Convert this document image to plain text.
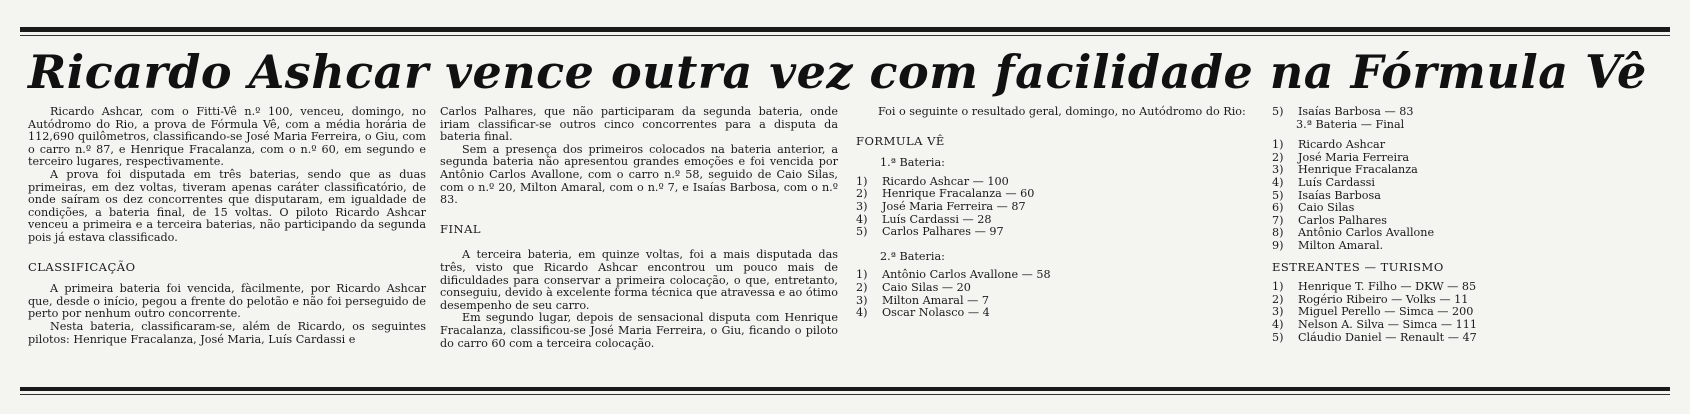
Ricardo Ashcar vence outra vez com facilidade na Fórmula Vê

Ricardo Ashcar, com o Fitti-Vê n.º 100, venceu, domingo, no Autódromo do Rio, a prova de Fórmula Vê, com a média horária de 112,690 quilômetros, classificando-se José Maria Ferreira, o Giu, com o carro n.º 87, e Henrique Fracalanza, com o n.º 60, em segundo e terceiro lugares, respectivamente.

A prova foi disputada em três baterias, sendo que as duas primeiras, em dez voltas, tiveram apenas caráter classificatório, de onde saíram os dez concorrentes que disputaram, em igualdade de condições, a bateria final, de 15 voltas. O piloto Ricardo Ashcar venceu a primeira e a terceira baterias, não participando da segunda pois já estava classificado.

CLASSIFICAÇÃO

A primeira bateria foi vencida, fàcilmente, por Ricardo Ashcar que, desde o início, pegou a frente do pelotão e não foi perseguido de perto por nenhum outro concorrente.

Nesta bateria, classificaram-se, além de Ricardo, os seguintes pilotos: Henrique Fracalanza, José Maria, Luís Cardassi e

Carlos Palhares, que não participaram da segunda bateria, onde iriam classificar-se outros cinco concorrentes para a disputa da bateria final.

Sem a presença dos primeiros colocados na bateria anterior, a segunda bateria não apresentou grandes emoções e foi vencida por Antônio Carlos Avallone, com o carro n.º 58, seguido de Caio Silas, com o n.º 20, Milton Amaral, com o n.º 7, e Isaías Barbosa, com o n.º 83.

FINAL

A terceira bateria, em quinze voltas, foi a mais disputada das três, visto que Ricardo Ashcar encontrou um pouco mais de dificuldades para conservar a primeira colocação, o que, entretanto, conseguiu, devido à excelente forma técnica que atravessa e ao ótimo desempenho de seu carro.

Em segundo lugar, depois de sensacional disputa com Henrique Fracalanza, classificou-se José Maria Ferreira, o Giu, ficando o piloto do carro 60 com a terceira colocação.

Foi o seguinte o resultado geral, domingo, no Autódromo do Rio:

FORMULA VÊ
1.ª Bateria:
1)	Ricardo Ashcar — 100
2)	Henrique Fracalanza — 60
3)	José Maria Ferreira — 87
4)	Luís Cardassi — 28
5)	Carlos Palhares — 97
2.ª Bateria:
1)	Antônio Carlos Avallone — 58
2)	Caio Silas — 20
3)	Milton Amaral — 7
4)	Oscar Nolasco — 4
5)	Isaías Barbosa — 83
3.ª Bateria — Final
1)	Ricardo Ashcar
2)	José Maria Ferreira
3)	Henrique Fracalanza
4)	Luís Cardassi
5)	Isaías Barbosa
6)	Caio Silas
7)	Carlos Palhares
8)	Antônio Carlos Avallone
9)	Milton Amaral.
ESTREANTES — TURISMO
1)	Henrique T. Filho — DKW — 85
2)	Rogério Ribeiro — Volks — 11
3)	Miguel Perello — Simca — 200
4)	Nelson A. Silva — Simca — 111
5)	Cláudio Daniel — Renault — 47
